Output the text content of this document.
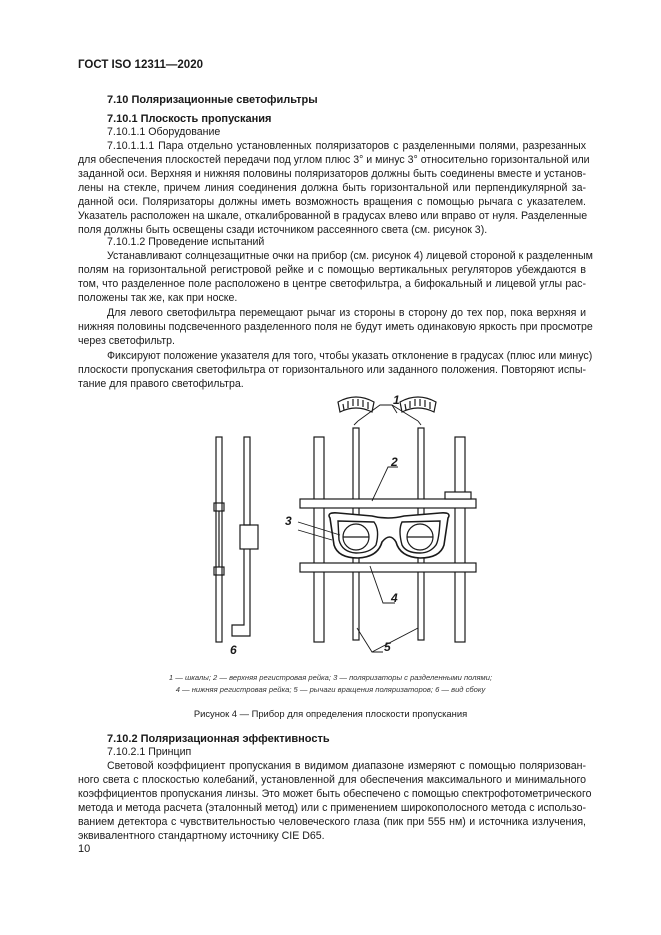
ГОСТ ISO 12311—2020
7.10 Поляризационные светофильтры
7.10.1 Плоскость пропускания
7.10.1.1 Оборудование
7.10.1.1.1 Пара отдельно установленных поляризаторов с разделенными полями, разрезанных
для обеспечения плоскостей передачи под углом плюс 3° и минус 3° относительно горизонтальной или
заданной оси. Верхняя и нижняя половины поляризаторов должны быть соединены вместе и установ-
лены на стекле, причем линия соединения должна быть горизонтальной или перпендикулярной за-
данной оси. Поляризаторы должны иметь возможность вращения с помощью рычага с указателем.
Указатель расположен на шкале, откалиброванной в градусах влево или вправо от нуля. Разделенные
поля должны быть освещены сзади источником рассеянного света (см. рисунок 3).
7.10.1.2 Проведение испытаний
Устанавливают солнцезащитные очки на прибор (см. рисунок 4) лицевой стороной к разделенным
полям на горизонтальной регистровой рейке и с помощью вертикальных регуляторов убеждаются в
том, что разделенное поле расположено в центре светофильтра, а бифокальный и лицевой углы рас-
положены так же, как при носке.
Для левого светофильтра перемещают рычаг из стороны в сторону до тех пор, пока верхняя и
нижняя половины подсвеченного разделенного поля не будут иметь одинаковую яркость при просмотре
через светофильтр.
Фиксируют положение указателя для того, чтобы указать отклонение в градусах (плюс или минус)
плоскости пропускания светофильтра от горизонтального или заданного положения. Повторяют испы-
тание для правого светофильтра.
1
2
3
4
5
6
1 — шкалы; 2 — верхняя регистровая рейка; 3 — поляризаторы с разделенными полями;
4 — нижняя регистровая рейка; 5 — рычаги вращения поляризаторов; 6 — вид сбоку
Рисунок 4 — Прибор для определения плоскости пропускания
7.10.2 Поляризационная эффективность
7.10.2.1 Принцип
Световой коэффициент пропускания в видимом диапазоне измеряют с помощью поляризован-
ного света с плоскостью колебаний, установленной для обеспечения максимального и минимального
коэффициентов пропускания линзы. Это может быть обеспечено с помощью спектрофотометрического
метода и метода расчета (эталонный метод) или с применением широкополосного метода с использо-
ванием детектора с чувствительностью человеческого глаза (пик при 555 нм) и источника излучения,
эквивалентного стандартному источнику CIE D65.
10
